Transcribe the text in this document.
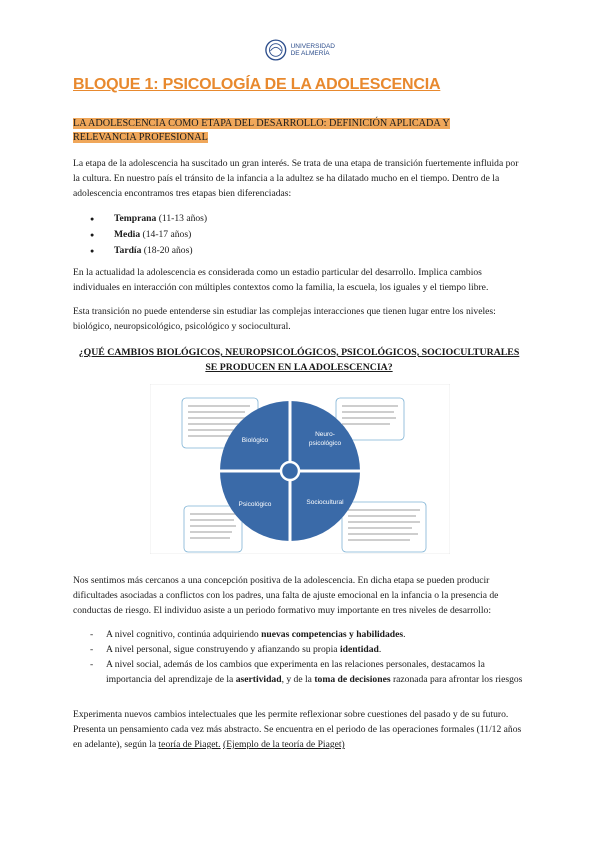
UNIVERSIDAD
DE ALMERÍA
BLOQUE 1: PSICOLOGÍA DE LA ADOLESCENCIA
LA ADOLESCENCIA COMO ETAPA DEL DESARROLLO: DEFINICIÓN APLICADA Y
RELEVANCIA PROFESIONAL
La etapa de la adolescencia ha suscitado un gran interés. Se trata de una etapa de transición fuertemente influida por la cultura. En nuestro país el tránsito de la infancia a la adultez se ha dilatado mucho en el tiempo. Dentro de la adolescencia encontramos tres etapas bien diferenciadas:
● Temprana (11-13 años)
● Media (14-17 años)
● Tardía (18-20 años)
En la actualidad la adolescencia es considerada como un estadio particular del desarrollo. Implica cambios individuales en interacción con múltiples contextos como la familia, la escuela, los iguales y el tiempo libre.
Esta transición no puede entenderse sin estudiar las complejas interacciones que tienen lugar entre los niveles: biológico, neuropsicológico, psicológico y sociocultural.
¿QUÉ CAMBIOS BIOLÓGICOS, NEUROPSICOLÓGICOS, PSICOLÓGICOS, SOCIOCULTURALES
SE PRODUCEN EN LA ADOLESCENCIA?
Biológico
Neuro-
psicológico
Psicológico	Sociocultural
Nos sentimos más cercanos a una concepción positiva de la adolescencia. En dicha etapa se pueden producir dificultades asociadas a conflictos con los padres, una falta de ajuste emocional en la infancia o la presencia de conductas de riesgo. El individuo asiste a un periodo formativo muy importante en tres niveles de desarrollo:
- A nivel cognitivo, continúa adquiriendo nuevas competencias y habilidades.
- A nivel personal, sigue construyendo y afianzando su propia identidad.
- A nivel social, además de los cambios que experimenta en las relaciones personales, destacamos la importancia del aprendizaje de la asertividad, y de la toma de decisiones razonada para afrontar los riesgos
Experimenta nuevos cambios intelectuales que les permite reflexionar sobre cuestiones del pasado y de su futuro. Presenta un pensamiento cada vez más abstracto. Se encuentra en el periodo de las operaciones formales (11/12 años en adelante), según la teoría de Piaget. (Ejemplo de la teoría de Piaget)
